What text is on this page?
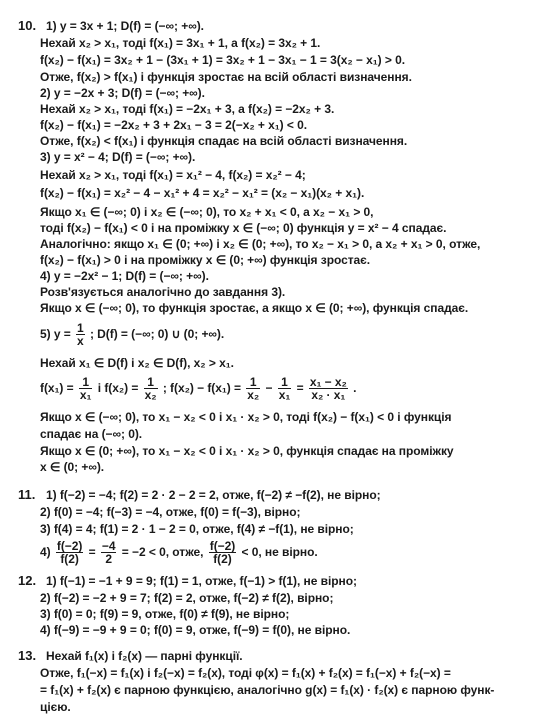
10. 1) y = 3x + 1; D(f) = (−∞; +∞).
Нехай x₂ > x₁, тоді f(x₁) = 3x₁ + 1, а f(x₂) = 3x₂ + 1.
f(x₂) − f(x₁) = 3x₂ + 1 − (3x₁ + 1) = 3x₂ + 1 − 3x₁ − 1 = 3(x₂ − x₁) > 0.
Отже, f(x₂) > f(x₁) і функція зростає на всій області визначення.
2) y = −2x + 3; D(f) = (−∞; +∞).
Нехай x₂ > x₁, тоді f(x₁) = −2x₁ + 3, а f(x₂) = −2x₂ + 3.
f(x₂) − f(x₁) = −2x₂ + 3 + 2x₁ − 3 = 2(−x₂ + x₁) < 0.
Отже, f(x₂) < f(x₁) і функція спадає на всій області визначення.
3) y = x² − 4; D(f) = (−∞; +∞).
Нехай x₂ > x₁, тоді f(x₁) = x₁² − 4, f(x₂) = x₂² − 4;
f(x₂) − f(x₁) = x₂² − 4 − x₁² + 4 = x₂² − x₁² = (x₂ − x₁)(x₂ + x₁).
Якщо x₁ ∈ (−∞; 0) і x₂ ∈ (−∞; 0), то x₂ + x₁ < 0, а x₂ − x₁ > 0,
тоді f(x₂) − f(x₁) < 0 і на проміжку x ∈ (−∞; 0) функція y = x² − 4 спадає.
Аналогічно: якщо x₁ ∈ (0; +∞) і x₂ ∈ (0; +∞), то x₂ − x₁ > 0, а x₂ + x₁ > 0, отже,
f(x₂) − f(x₁) > 0 і на проміжку x ∈ (0; +∞) функція зростає.
4) y = −2x² − 1; D(f) = (−∞; +∞).
Розв'язується аналогічно до завдання 3).
Якщо x ∈ (−∞; 0), то функція зростає, а якщо x ∈ (0; +∞), функція спадає.
5) $y = \frac{1}{x}$ ; D(f) = (−∞; 0) ∪ (0; +∞).
Нехай x₁ ∈ D(f) і x₂ ∈ D(f), x₂ > x₁.
$f(x_1) = \frac{1}{\text{x₁}}$ і $f(x_2) = \frac{1}{\text{x₂}}$ ; $f(x_2) - f(x_1) = \frac{1}{\text{x₂}} - \frac{1}{\text{x₁}} = \frac{\text{x₁ − x₂}}{\text{x₂ · x₁}}$ .
Якщо x ∈ (−∞; 0), то x₁ − x₂ < 0 і x₁ · x₂ > 0, тоді f(x₂) − f(x₁) < 0 і функція
спадає на (−∞; 0).
Якщо x ∈ (0; +∞), то x₁ − x₂ < 0 і x₁ · x₂ > 0, функція спадає на проміжку
x ∈ (0; +∞).
11. 1) f(−2) = −4; f(2) = 2 · 2 − 2 = 2, отже, f(−2) ≠ −f(2), не вірно;
2) f(0) = −4; f(−3) = −4, отже, f(0) = f(−3), вірно;
3) f(4) = 4; f(1) = 2 · 1 − 2 = 0, отже, f(4) ≠ −f(1), не вірно;
$4) \frac{f(-2)}{f(2)} = \frac{-4}{2} = -2 < 0$, отже, $\frac{f(-2)}{f(2)} < 0$, не вірно.
12. 1) f(−1) = −1 + 9 = 9; f(1) = 1, отже, f(−1) > f(1), не вірно;
2) f(−2) = −2 + 9 = 7; f(2) = 2, отже, f(−2) ≠ f(2), вірно;
3) f(0) = 0; f(9) = 9, отже, f(0) ≠ f(9), не вірно;
4) f(−9) = −9 + 9 = 0; f(0) = 9, отже, f(−9) = f(0), не вірно.
13. Нехай f₁(x) і f₂(x) — парні функції.
Отже, f₁(−x) = f₁(x) і f₂(−x) = f₂(x), тоді φ(x) = f₁(x) + f₂(x) = f₁(−x) + f₂(−x) =
= f₁(x) + f₂(x) є парною функцією, аналогічно g(x) = f₁(x) · f₂(x) є парною функ-
цією.
